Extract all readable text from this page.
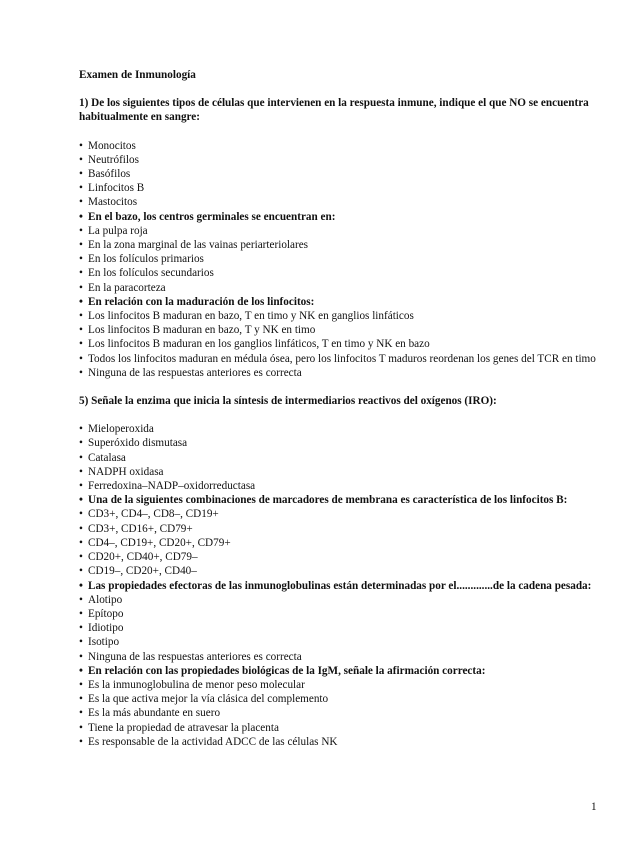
Examen de Inmunología
1) De los siguientes tipos de células que intervienen en la respuesta inmune, indique el que NO se encuentra habitualmente en sangre:
• Monocitos
• Neutrófilos
• Basófilos
• Linfocitos B
• Mastocitos
• En el bazo, los centros germinales se encuentran en:
• La pulpa roja
• En la zona marginal de las vainas periarteriolares
• En los folículos primarios
• En los folículos secundarios
• En la paracorteza
• En relación con la maduración de los linfocitos:
• Los linfocitos B maduran en bazo, T en timo y NK en ganglios linfáticos
• Los linfocitos B maduran en bazo, T y NK en timo
• Los linfocitos B maduran en los ganglios linfáticos, T en timo y NK en bazo
• Todos los linfocitos maduran en médula ósea, pero los linfocitos T maduros reordenan los genes del TCR en timo
• Ninguna de las respuestas anteriores es correcta
5) Señale la enzima que inicia la síntesis de intermediarios reactivos del oxígenos (IRO):
• Mieloperoxida
• Superóxido dismutasa
• Catalasa
• NADPH oxidasa
• Ferredoxina–NADP–oxidorreductasa
• Una de la siguientes combinaciones de marcadores de membrana es característica de los linfocitos B:
• CD3+, CD4–, CD8–, CD19+
• CD3+, CD16+, CD79+
• CD4–, CD19+, CD20+, CD79+
• CD20+, CD40+, CD79–
• CD19–, CD20+, CD40–
• Las propiedades efectoras de las inmunoglobulinas están determinadas por el.............de la cadena pesada:
• Alotipo
• Epítopo
• Idiotipo
• Isotipo
• Ninguna de las respuestas anteriores es correcta
• En relación con las propiedades biológicas de la IgM, señale la afirmación correcta:
• Es la inmunoglobulina de menor peso molecular
• Es la que activa mejor la vía clásica del complemento
• Es la más abundante en suero
• Tiene la propiedad de atravesar la placenta
• Es responsable de la actividad ADCC de las células NK
1
